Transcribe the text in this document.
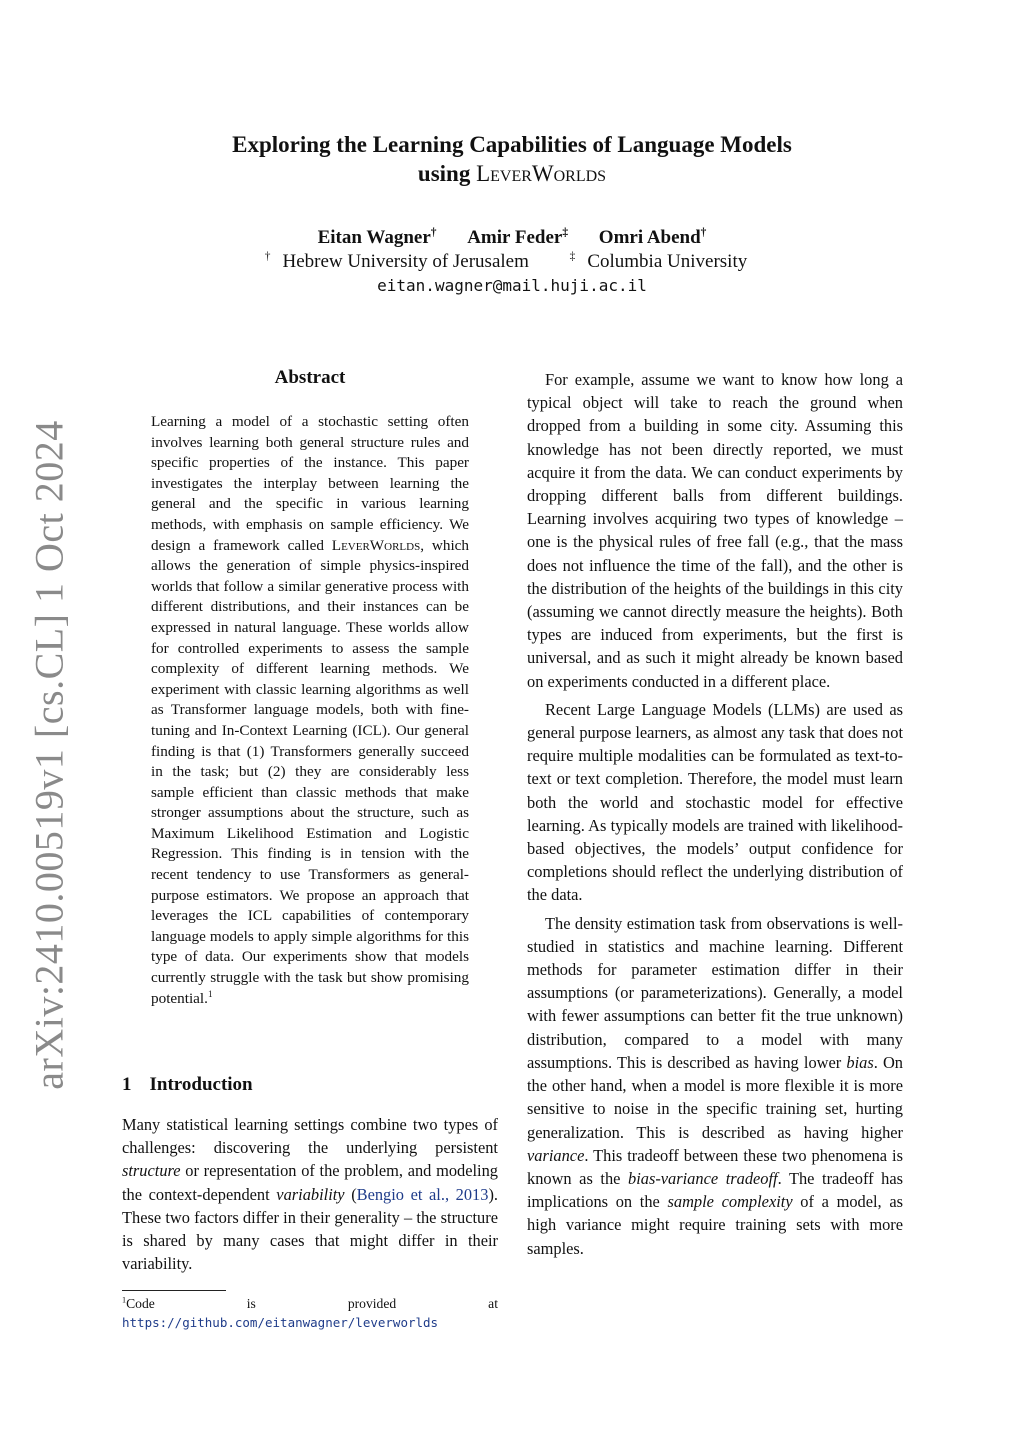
arXiv:2410.00519v1 [cs.CL] 1 Oct 2024
Exploring the Learning Capabilities of Language Models
using LeverWorlds
Eitan Wagner† Amir Feder‡ Omri Abend†
† Hebrew University of Jerusalem	‡ Columbia University
eitan.wagner@mail.huji.ac.il
Abstract
Learning a model of a stochastic setting often involves learning both general structure rules and specific properties of the instance. This paper investigates the interplay between learning the general and the specific in various learning methods, with emphasis on sample efficiency. We design a framework called LeverWorlds, which allows the generation of simple physics-inspired worlds that follow a similar generative process with different distributions, and their instances can be expressed in natural language. These worlds allow for controlled experiments to assess the sample complexity of different learning methods. We experiment with classic learning algorithms as well as Transformer language models, both with fine-tuning and In-Context Learning (ICL). Our general finding is that (1) Transformers generally succeed in the task; but (2) they are considerably less sample efficient than classic methods that make stronger assumptions about the structure, such as Maximum Likelihood Estimation and Logistic Regression. This finding is in tension with the recent tendency to use Transformers as general-purpose estimators. We propose an approach that leverages the ICL capabilities of contemporary language models to apply simple algorithms for this type of data. Our experiments show that models currently struggle with the task but show promising potential.$^1$
1 Introduction
Many statistical learning settings combine two types of challenges: discovering the underlying persistent structure or representation of the problem, and modeling the context-dependent variability (Bengio et al., 2013). These two factors differ in their generality – the structure is shared by many cases that might differ in their variability.
$^1$Code is provided at https://github.com/eitanwagner/leverworlds

For example, assume we want to know how long a typical object will take to reach the ground when dropped from a building in some city. Assuming this knowledge has not been directly reported, we must acquire it from the data. We can conduct experiments by dropping different balls from different buildings. Learning involves acquiring two types of knowledge – one is the physical rules of free fall (e.g., that the mass does not influence the time of the fall), and the other is the distribution of the heights of the buildings in this city (assuming we cannot directly measure the heights). Both types are induced from experiments, but the first is universal, and as such it might already be known based on experiments conducted in a different place.

Recent Large Language Models (LLMs) are used as general purpose learners, as almost any task that does not require multiple modalities can be formulated as text-to-text or text completion. Therefore, the model must learn both the world and stochastic model for effective learning. As typically models are trained with likelihood-based objectives, the models’ output confidence for completions should reflect the underlying distribution of the data.

The density estimation task from observations is well-studied in statistics and machine learning. Different methods for parameter estimation differ in their assumptions (or parameterizations). Generally, a model with fewer assumptions can better fit the true unknown) distribution, compared to a model with many assumptions. This is described as having lower bias. On the other hand, when a model is more flexible it is more sensitive to noise in the specific training set, hurting generalization. This is described as having higher variance. This tradeoff between these two phenomena is known as the bias-variance tradeoff. The tradeoff has implications on the sample complexity of a model, as high variance might require training sets with more samples.
